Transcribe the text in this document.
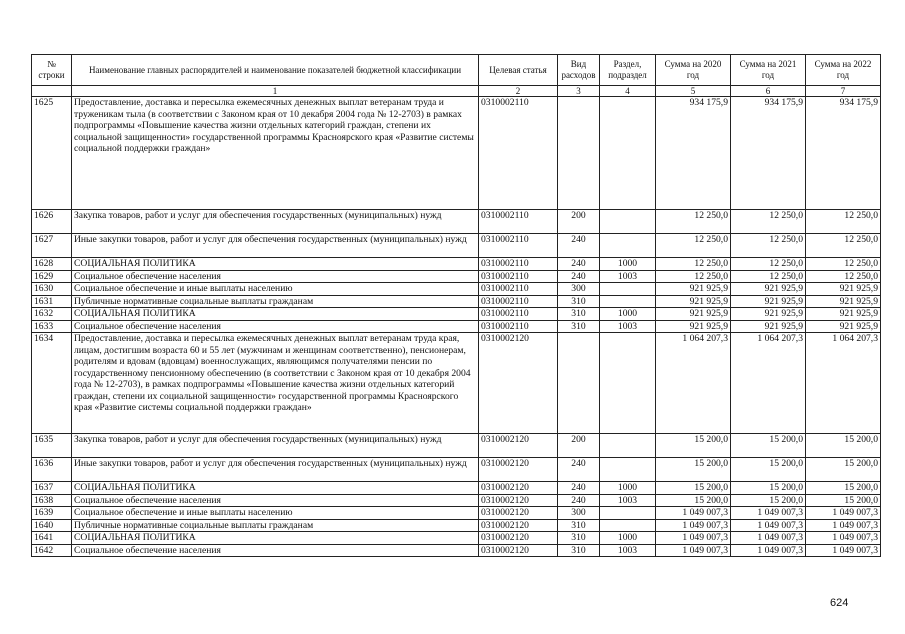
№ строки	Наименование главных распорядителей и наименование показателей бюджетной классификации	Целевая статья	Вид расходов	Раздел, подраздел	Сумма на 2020 год	Сумма на 2021 год	Сумма на 2022 год
	1	2	3	4	5	6	7
1625	Предоставление, доставка и пересылка ежемесячных денежных выплат ветеранам труда и труженикам тыла (в соответствии с Законом края от 10 декабря 2004 года № 12-2703) в рамках подпрограммы «Повышение качества жизни отдельных категорий граждан, степени их социальной защищенности» государственной программы Красноярского края «Развитие системы социальной поддержки граждан»	0310002110			934 175,9	934 175,9	934 175,9
1626	Закупка товаров, работ и услуг для обеспечения государственных (муниципальных) нужд	0310002110	200		12 250,0	12 250,0	12 250,0
1627	Иные закупки товаров, работ и услуг для обеспечения государственных (муниципальных) нужд	0310002110	240		12 250,0	12 250,0	12 250,0
1628	СОЦИАЛЬНАЯ ПОЛИТИКА	0310002110	240	1000	12 250,0	12 250,0	12 250,0
1629	Социальное обеспечение населения	0310002110	240	1003	12 250,0	12 250,0	12 250,0
1630	Социальное обеспечение и иные выплаты населению	0310002110	300		921 925,9	921 925,9	921 925,9
1631	Публичные нормативные социальные выплаты гражданам	0310002110	310		921 925,9	921 925,9	921 925,9
1632	СОЦИАЛЬНАЯ ПОЛИТИКА	0310002110	310	1000	921 925,9	921 925,9	921 925,9
1633	Социальное обеспечение населения	0310002110	310	1003	921 925,9	921 925,9	921 925,9
1634	Предоставление, доставка и пересылка ежемесячных денежных выплат ветеранам труда края, лицам, достигшим возраста 60 и 55 лет (мужчинам и женщинам соответственно), пенсионерам, родителям и вдовам (вдовцам) военнослужащих, являющимся получателями пенсии по государственному пенсионному обеспечению (в соответствии с Законом края от 10 декабря 2004 года № 12-2703), в рамках подпрограммы «Повышение качества жизни отдельных категорий граждан, степени их социальной защищенности» государственной программы Красноярского края «Развитие системы социальной поддержки граждан»	0310002120			1 064 207,3	1 064 207,3	1 064 207,3
1635	Закупка товаров, работ и услуг для обеспечения государственных (муниципальных) нужд	0310002120	200		15 200,0	15 200,0	15 200,0
1636	Иные закупки товаров, работ и услуг для обеспечения государственных (муниципальных) нужд	0310002120	240		15 200,0	15 200,0	15 200,0
1637	СОЦИАЛЬНАЯ ПОЛИТИКА	0310002120	240	1000	15 200,0	15 200,0	15 200,0
1638	Социальное обеспечение населения	0310002120	240	1003	15 200,0	15 200,0	15 200,0
1639	Социальное обеспечение и иные выплаты населению	0310002120	300		1 049 007,3	1 049 007,3	1 049 007,3
1640	Публичные нормативные социальные выплаты гражданам	0310002120	310		1 049 007,3	1 049 007,3	1 049 007,3
1641	СОЦИАЛЬНАЯ ПОЛИТИКА	0310002120	310	1000	1 049 007,3	1 049 007,3	1 049 007,3
1642	Социальное обеспечение населения	0310002120	310	1003	1 049 007,3	1 049 007,3	1 049 007,3
624
